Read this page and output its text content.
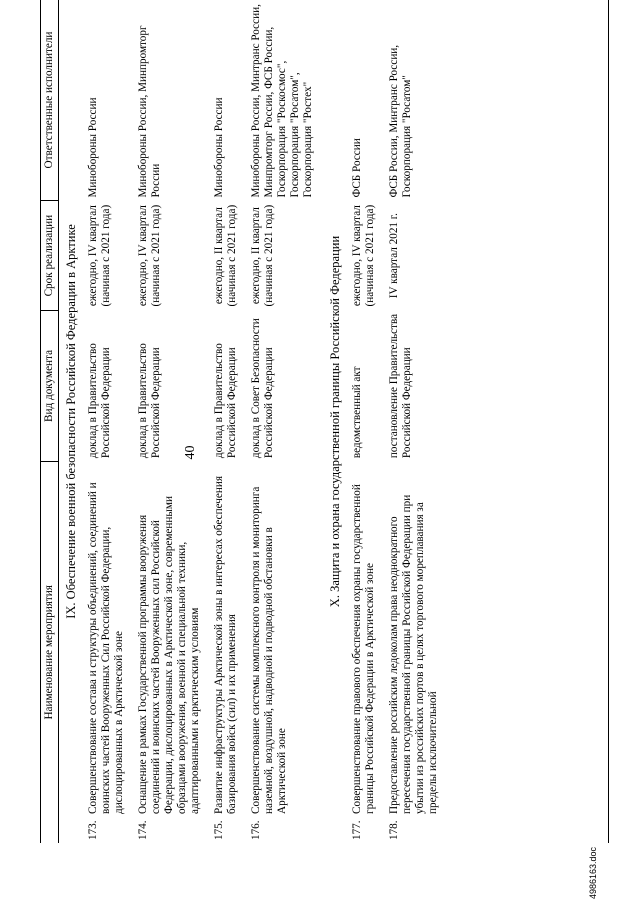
40
Наименование мероприятия		Вид документа	Срок реализации	Ответственные исполнители
IX. Обеспечение военной безопасности Российской Федерации в Арктике				
173.	Совершенствование состава и структуры объединений, соединений и воинских частей Вооруженных Сил Российской Федерации, дислоцированных в Арктической зоне	доклад в Правительство Российской Федерации	ежегодно, IV квартал (начиная с 2021 года)	Минобороны России
174.	Оснащение в рамках Государственной программы вооружения соединений и воинских частей Вооруженных сил Российской Федерации, дислоцированных в Арктической зоне, современными образцами вооружения, военной и специальной техники, адаптированными к арктическим условиям	доклад в Правительство Российской Федерации	ежегодно, IV квартал (начиная с 2021 года)	Минобороны России, Минпромторг России
175.	Развитие инфраструктуры Арктической зоны в интересах обеспечения базирования войск (сил) и их применения	доклад в Правительство Российской Федерации	ежегодно, II квартал (начиная с 2021 года)	Минобороны России
176.	Совершенствование системы комплексного контроля и мониторинга наземной, воздушной, надводной и подводной обстановки в Арктической зоне	доклад в Совет Безопасности Российской Федерации	ежегодно, II квартал (начиная с 2021 года)	Минобороны России, Минтранс России, Минпромторг России, ФСБ России, Госкорпорация "Роскосмос", Госкорпорация "Росатом", Госкорпорация "Ростех"
X. Защита и охрана государственной границы Российской Федерации				
177.	Совершенствование правового обеспечения охраны государственной границы Российской Федерации в Арктической зоне	ведомственный акт	ежегодно, IV квартал (начиная с 2021 года)	ФСБ России
178.	Предоставление российским ледоколам права неоднократного пересечения государственной границы Российской Федерации при убытии из российских портов в целях торгового мореплавания за пределы исключительной	постановление Правительства Российской Федерации	IV квартал 2021 г.	ФСБ России, Минтранс России, Госкорпорация "Росатом"
4986163.doc
